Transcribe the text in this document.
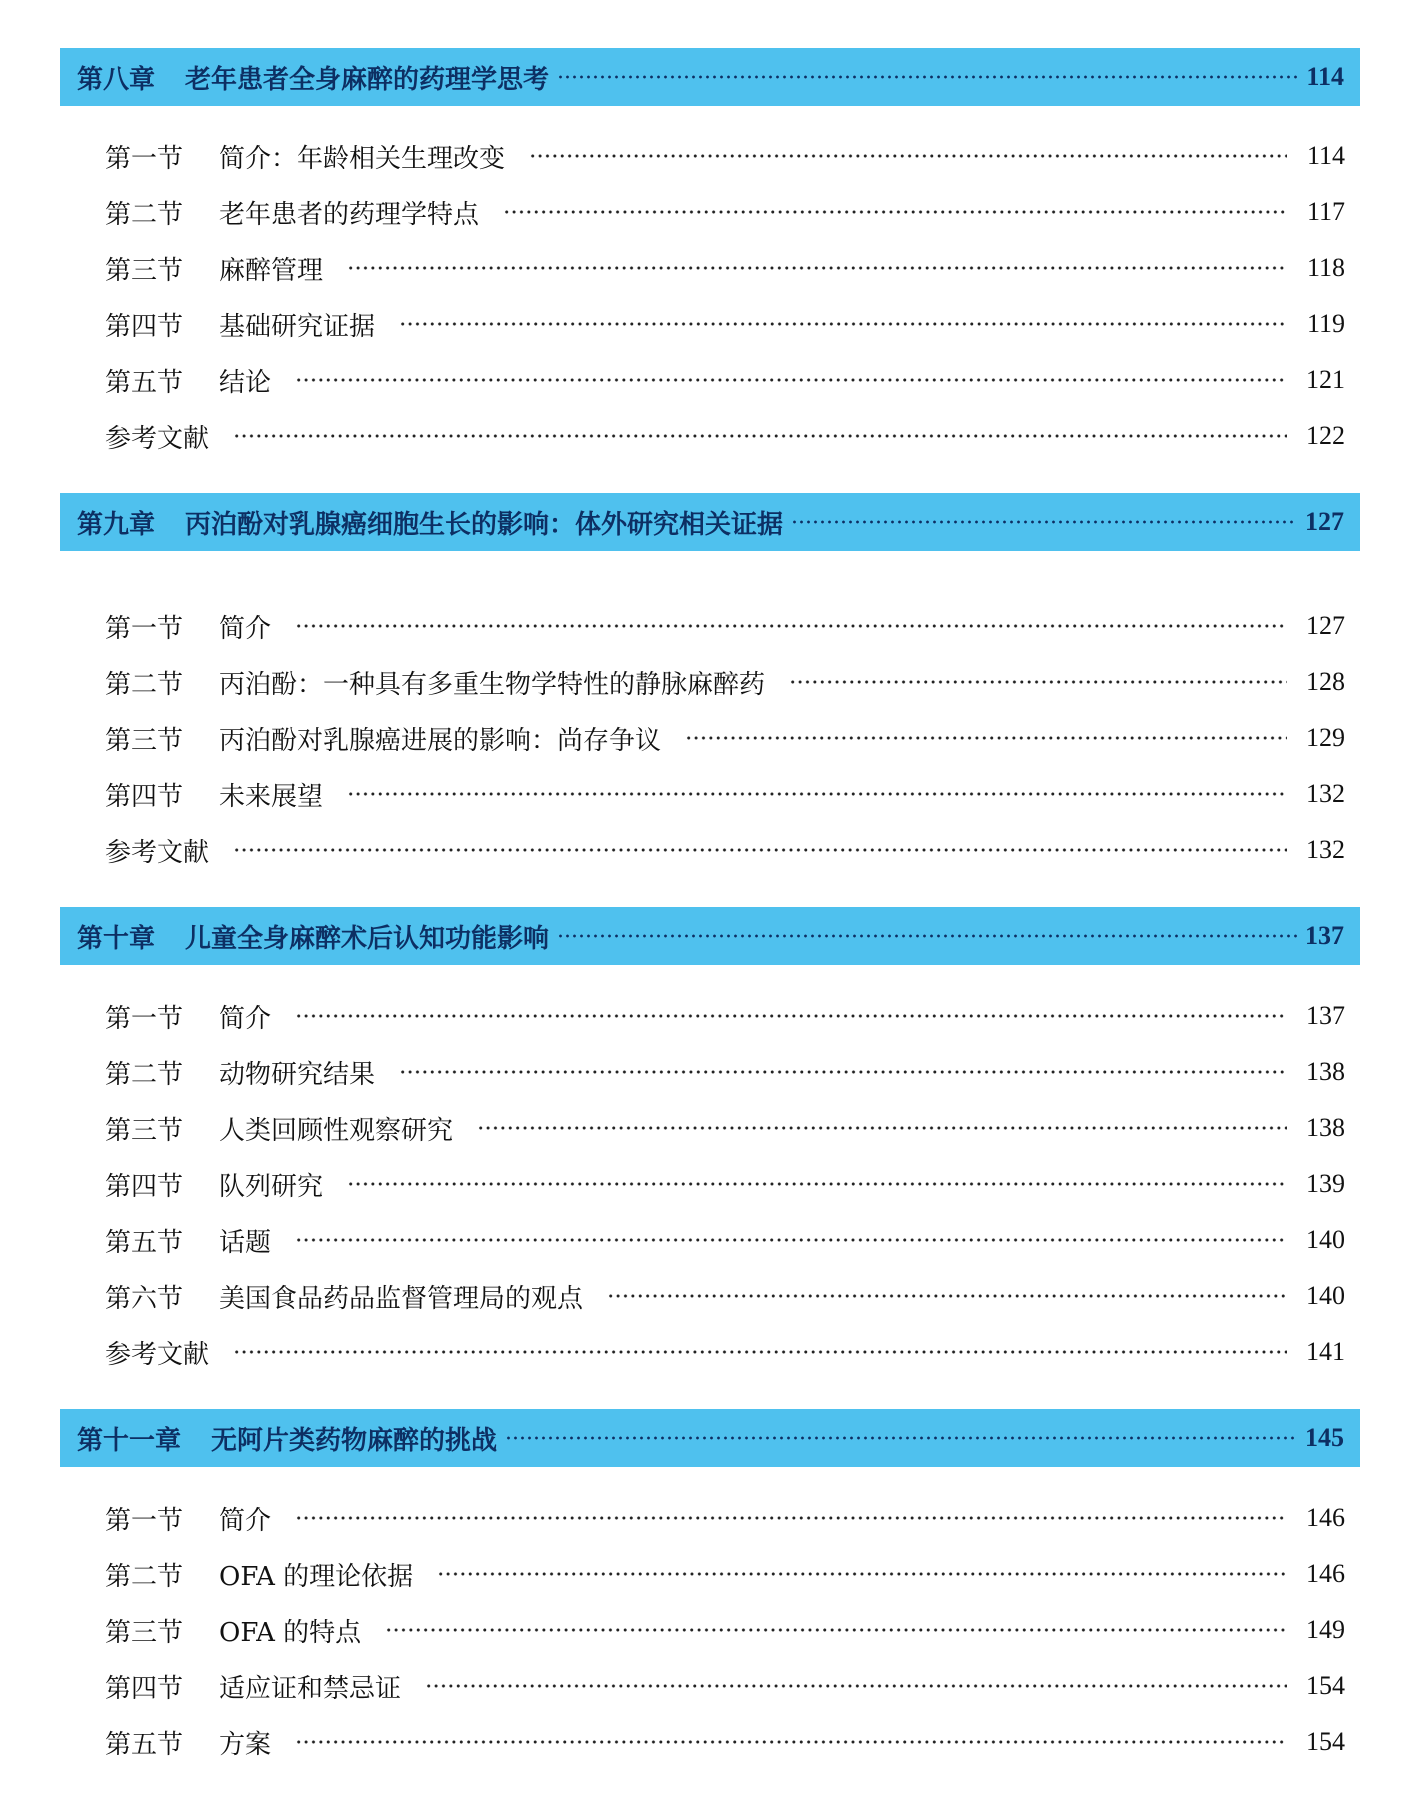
第八章 老年患者全身麻醉的药理学思考	114
第一节	简介：年龄相关生理改变	114
第二节	老年患者的药理学特点	117
第三节	麻醉管理	118
第四节	基础研究证据	119
第五节	结论	121
参考文献	122
第九章 丙泊酚对乳腺癌细胞生长的影响：体外研究相关证据	127
第一节	简介	127
第二节	丙泊酚：一种具有多重生物学特性的静脉麻醉药	128
第三节	丙泊酚对乳腺癌进展的影响：尚存争议	129
第四节	未来展望	132
参考文献	132
第十章 儿童全身麻醉术后认知功能影响	137
第一节	简介	137
第二节	动物研究结果	138
第三节	人类回顾性观察研究	138
第四节	队列研究	139
第五节	话题	140
第六节	美国食品药品监督管理局的观点	140
参考文献	141
第十一章 无阿片类药物麻醉的挑战	145
第一节	简介	146
第二节	OFA 的理论依据	146
第三节	OFA 的特点	149
第四节	适应证和禁忌证	154
第五节	方案	154
